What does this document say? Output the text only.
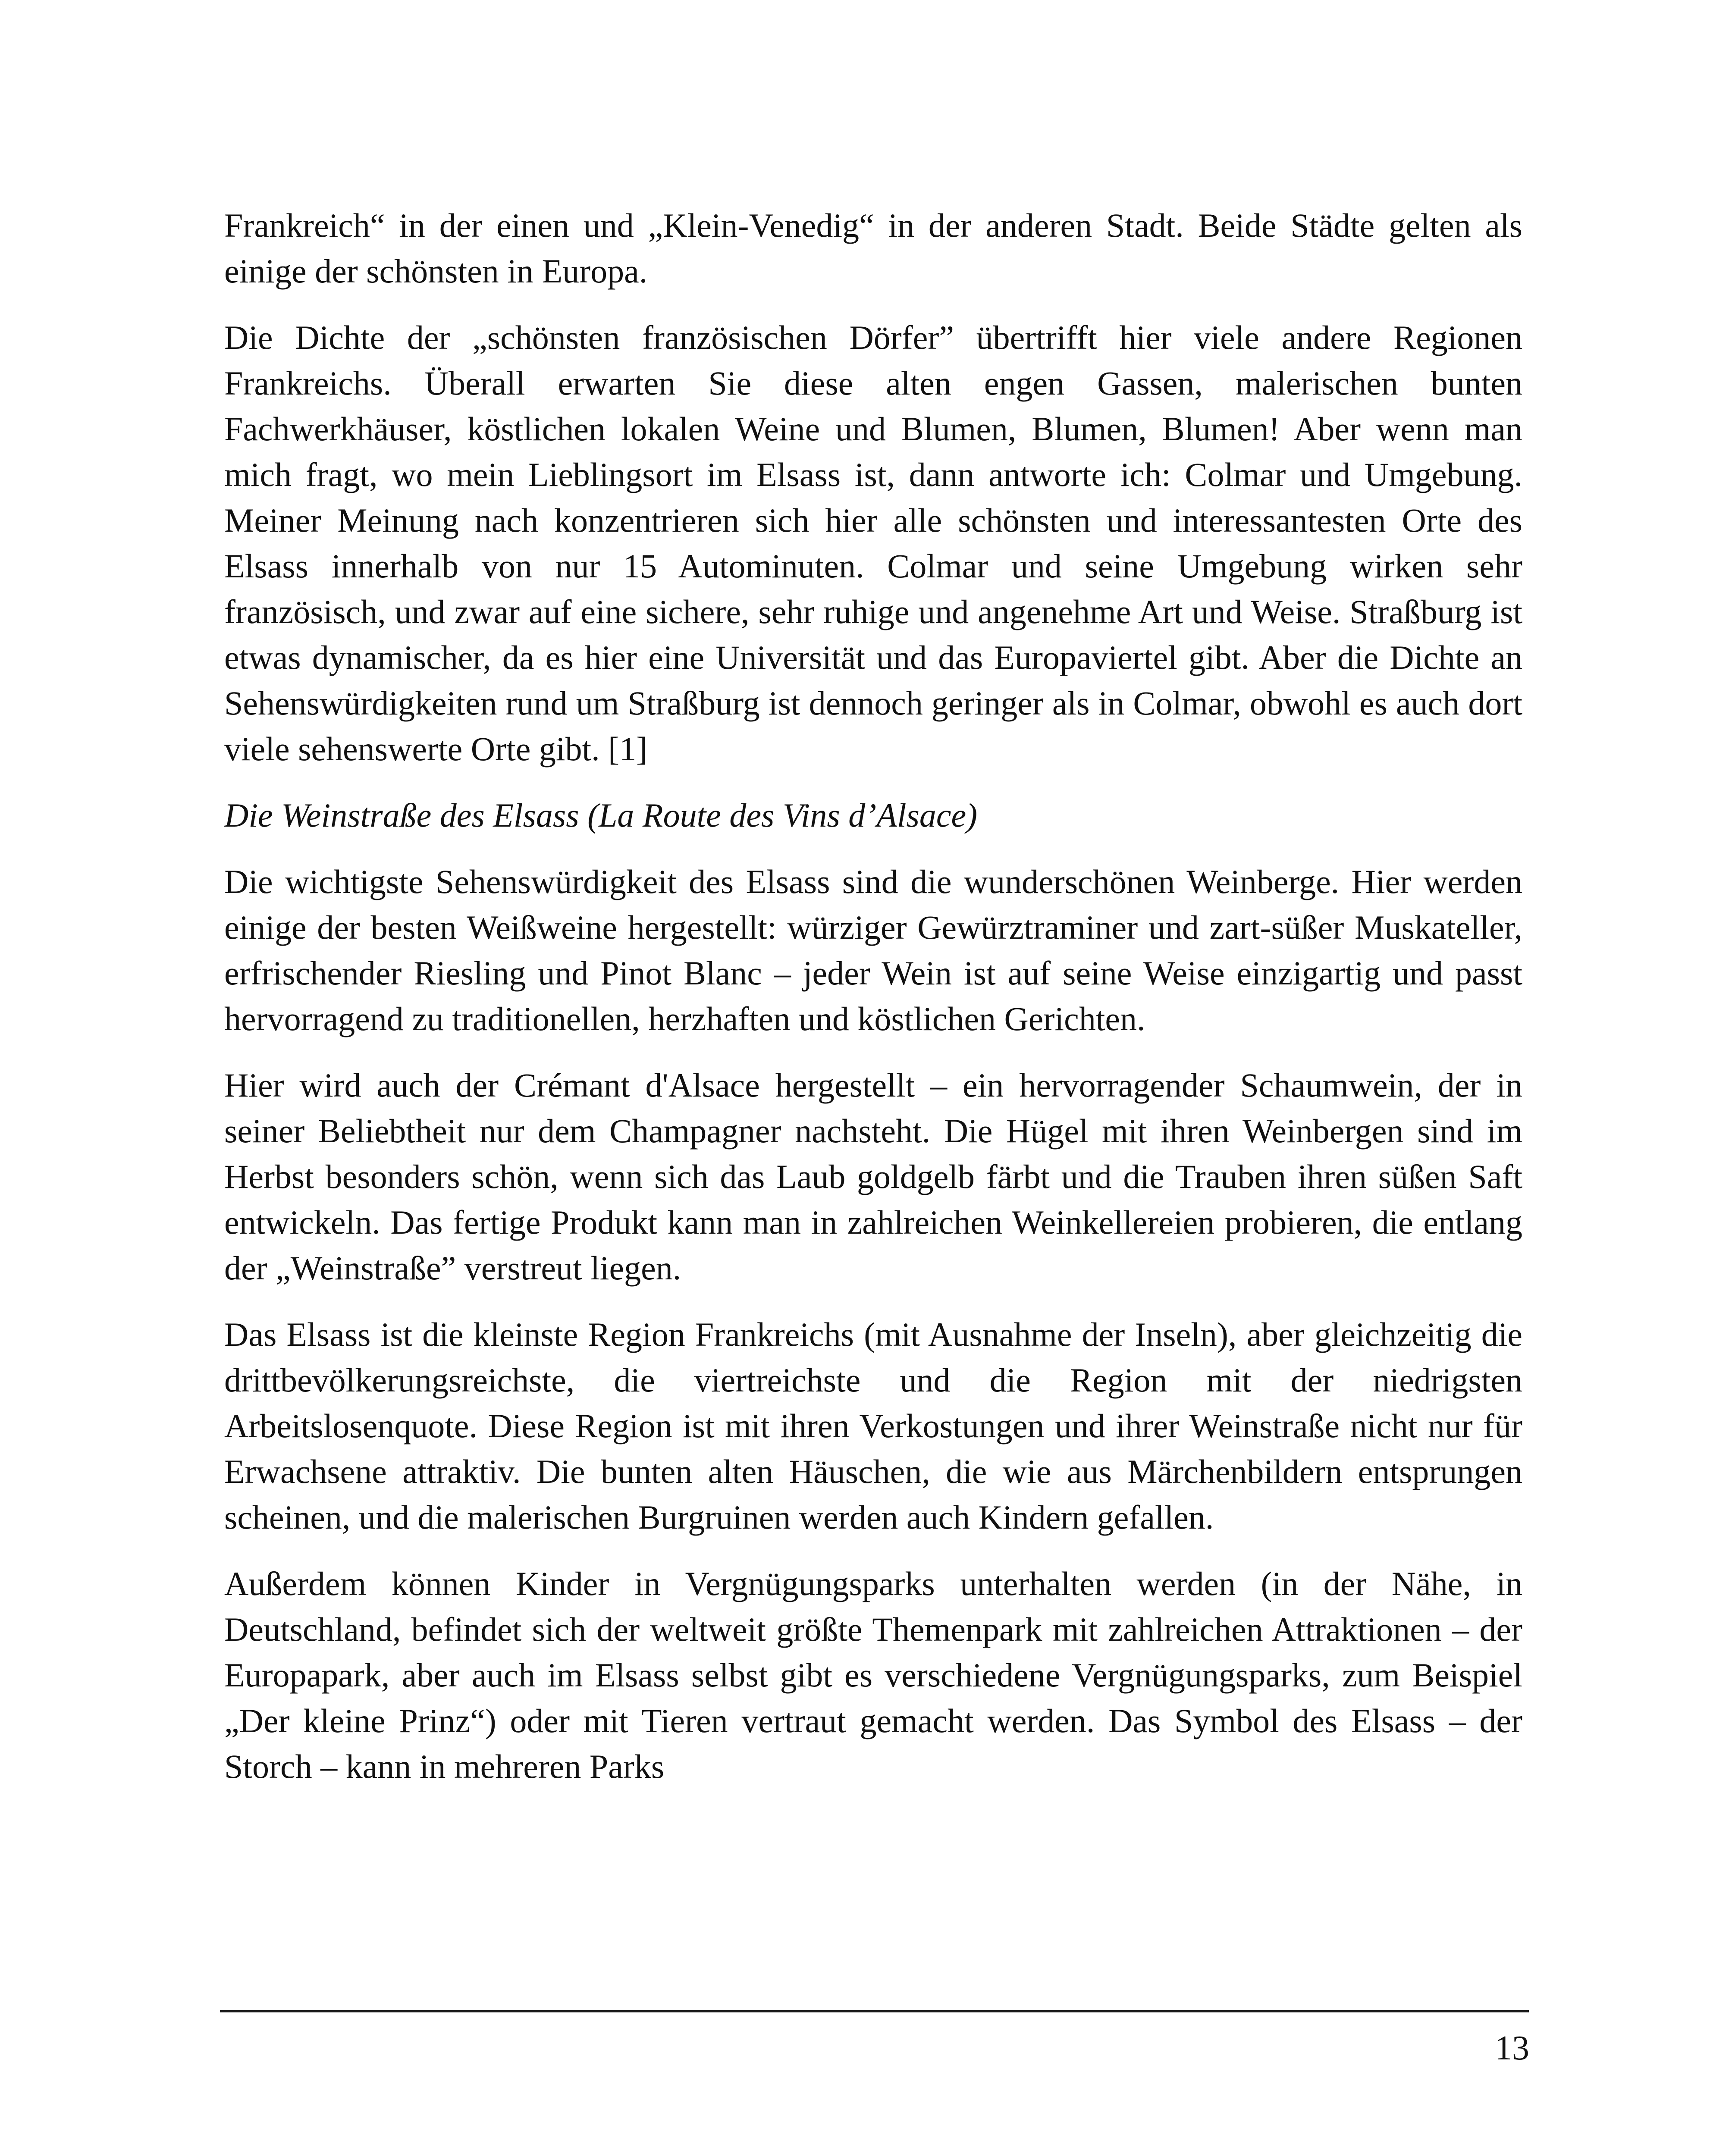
Frankreich“ in der einen und „Klein-Venedig“ in der anderen Stadt. Beide Städte gelten als einige der schönsten in Europa.

Die Dichte der „schönsten französischen Dörfer” übertrifft hier viele andere Regionen Frankreichs. Überall erwarten Sie diese alten engen Gassen, malerischen bunten Fachwerkhäuser, köstlichen lokalen Weine und Blumen, Blumen, Blumen! Aber wenn man mich fragt, wo mein Lieblingsort im Elsass ist, dann antworte ich: Colmar und Umgebung. Meiner Meinung nach konzentrieren sich hier alle schönsten und interessantesten Orte des Elsass innerhalb von nur 15 Autominuten. Colmar und seine Umgebung wirken sehr französisch, und zwar auf eine sichere, sehr ruhige und angenehme Art und Weise. Straßburg ist etwas dynamischer, da es hier eine Universität und das Europaviertel gibt. Aber die Dichte an Sehenswürdigkeiten rund um Straßburg ist dennoch geringer als in Colmar, obwohl es auch dort viele sehenswerte Orte gibt. [1]

Die Weinstraße des Elsass (La Route des Vins d’Alsace)

Die wichtigste Sehenswürdigkeit des Elsass sind die wunderschönen Weinberge. Hier werden einige der besten Weißweine hergestellt: würziger Gewürztraminer und zart-süßer Muskateller, erfrischender Riesling und Pinot Blanc – jeder Wein ist auf seine Weise einzigartig und passt hervorragend zu traditionellen, herzhaften und köstlichen Gerichten.

Hier wird auch der Crémant d'Alsace hergestellt – ein hervorragender Schaumwein, der in seiner Beliebtheit nur dem Champagner nachsteht. Die Hügel mit ihren Weinbergen sind im Herbst besonders schön, wenn sich das Laub goldgelb färbt und die Trauben ihren süßen Saft entwickeln. Das fertige Produkt kann man in zahlreichen Weinkellereien probieren, die entlang der „Weinstraße” verstreut liegen.

Das Elsass ist die kleinste Region Frankreichs (mit Ausnahme der Inseln), aber gleichzeitig die drittbevölkerungsreichste, die viertreichste und die Region mit der niedrigsten Arbeitslosenquote. Diese Region ist mit ihren Verkostungen und ihrer Weinstraße nicht nur für Erwachsene attraktiv. Die bunten alten Häuschen, die wie aus Märchenbildern entsprungen scheinen, und die malerischen Burgruinen werden auch Kindern gefallen.

Außerdem können Kinder in Vergnügungsparks unterhalten werden (in der Nähe, in Deutschland, befindet sich der weltweit größte Themenpark mit zahlreichen Attraktionen – der Europapark, aber auch im Elsass selbst gibt es verschiedene Vergnügungsparks, zum Beispiel „Der kleine Prinz“) oder mit Tieren vertraut gemacht werden. Das Symbol des Elsass – der Storch – kann in mehreren Parks

13
